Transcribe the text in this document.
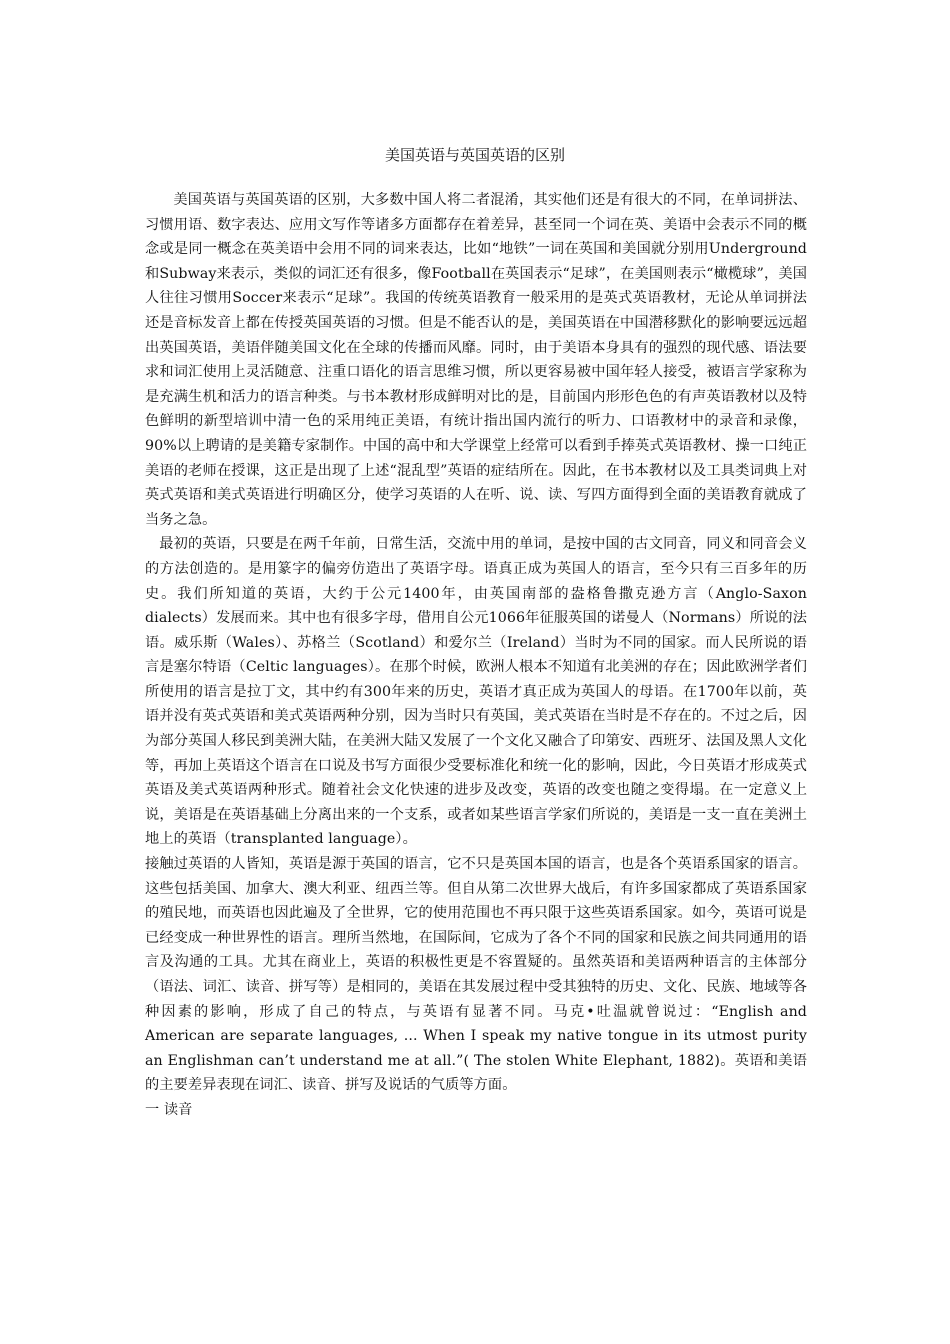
美国英语与英国英语的区别

美国英语与英国英语的区别，大多数中国人将二者混淆，其实他们还是有很大的不同，在单词拼法、习惯用语、数字表达、应用文写作等诸多方面都存在着差异，甚至同一个词在英、美语中会表示不同的概念或是同一概念在英美语中会用不同的词来表达，比如“地铁”一词在英国和美国就分别用Underground和Subway来表示，类似的词汇还有很多，像Football在英国表示“足球”，在美国则表示“橄榄球”，美国人往往习惯用Soccer来表示“足球”。我国的传统英语教育一般采用的是英式英语教材，无论从单词拼法还是音标发音上都在传授英国英语的习惯。但是不能否认的是，美国英语在中国潜移默化的影响要远远超出英国英语，美语伴随美国文化在全球的传播而风靡。同时，由于美语本身具有的强烈的现代感、语法要求和词汇使用上灵活随意、注重口语化的语言思维习惯，所以更容易被中国年轻人接受，被语言学家称为是充满生机和活力的语言种类。与书本教材形成鲜明对比的是，目前国内形形色色的有声英语教材以及特色鲜明的新型培训中清一色的采用纯正美语，有统计指出国内流行的听力、口语教材中的录音和录像，90%以上聘请的是美籍专家制作。中国的高中和大学课堂上经常可以看到手捧英式英语教材、操一口纯正美语的老师在授课，这正是出现了上述“混乱型”英语的症结所在。因此，在书本教材以及工具类词典上对英式英语和美式英语进行明确区分，使学习英语的人在听、说、读、写四方面得到全面的美语教育就成了当务之急。

最初的英语，只要是在两千年前，日常生活，交流中用的单词，是按中国的古文同音，同义和同音会义的方法创造的。是用篆字的偏旁仿造出了英语字母。语真正成为英国人的语言，至今只有三百多年的历史。我们所知道的英语，大约于公元1400年，由英国南部的盎格鲁撒克逊方言（Anglo-Saxon dialects）发展而来。其中也有很多字母，借用自公元1066年征服英国的诺曼人（Normans）所说的法语。威乐斯（Wales）、苏格兰（Scotland）和爱尔兰（Ireland）当时为不同的国家。而人民所说的语言是塞尔特语（Celtic languages）。在那个时候，欧洲人根本不知道有北美洲的存在；因此欧洲学者们所使用的语言是拉丁文，其中约有300年来的历史，英语才真正成为英国人的母语。在1700年以前，英语并没有英式英语和美式英语两种分别，因为当时只有英国，美式英语在当时是不存在的。不过之后，因为部分英国人移民到美洲大陆，在美洲大陆又发展了一个文化又融合了印第安、西班牙、法国及黑人文化等，再加上英语这个语言在口说及书写方面很少受要标准化和统一化的影响，因此，今日英语才形成英式英语及美式英语两种形式。随着社会文化快速的进步及改变，英语的改变也随之变得塌。在一定意义上说，美语是在英语基础上分离出来的一个支系，或者如某些语言学家们所说的，美语是一支一直在美洲土地上的英语（transplanted language）。

接触过英语的人皆知，英语是源于英国的语言，它不只是英国本国的语言，也是各个英语系国家的语言。这些包括美国、加拿大、澳大利亚、纽西兰等。但自从第二次世界大战后，有许多国家都成了英语系国家的殖民地，而英语也因此遍及了全世界，它的使用范围也不再只限于这些英语系国家。如今，英语可说是已经变成一种世界性的语言。理所当然地，在国际间，它成为了各个不同的国家和民族之间共同通用的语言及沟通的工具。尤其在商业上，英语的积极性更是不容置疑的。虽然英语和美语两种语言的主体部分（语法、词汇、读音、拼写等）是相同的，美语在其发展过程中受其独特的历史、文化、民族、地域等各种因素的影响，形成了自己的特点，与英语有显著不同。马克•吐温就曾说过：“English and American are separate languages, ... When I speak my native tongue in its utmost purity an Englishman can’t understand me at all.”( The stolen White Elephant, 1882)。英语和美语的主要差异表现在词汇、读音、拼写及说话的气质等方面。

一 读音
